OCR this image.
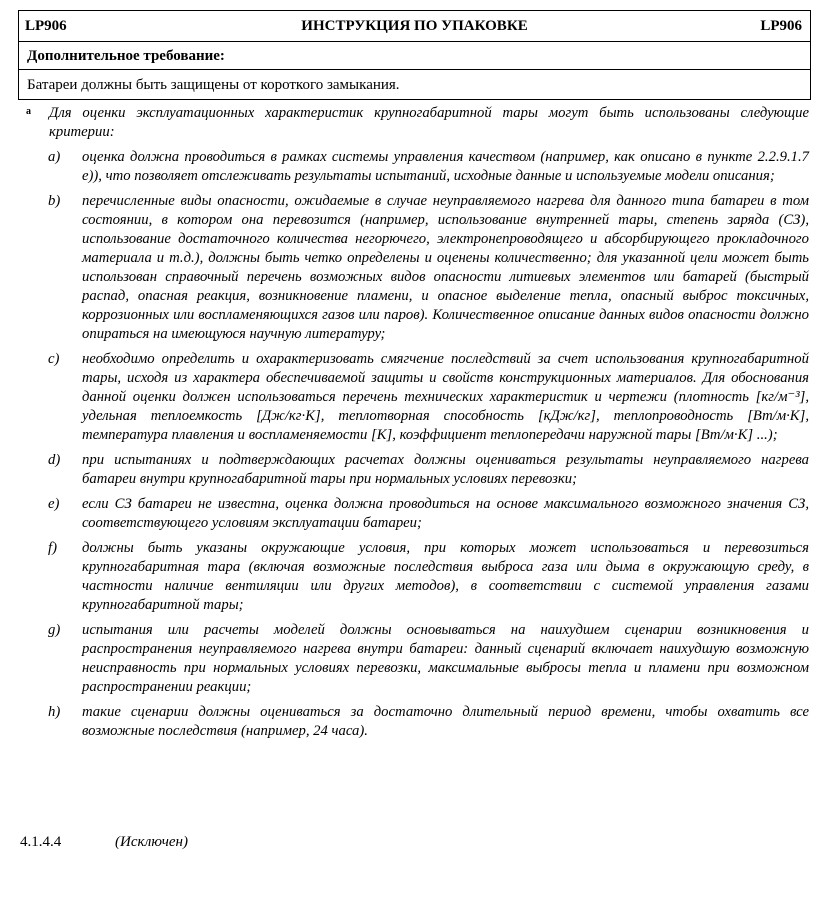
LP906	LP906
ИНСТРУКЦИЯ ПО УПАКОВКЕ
Дополнительное требование:
Батареи должны быть защищены от короткого замыкания.
a Для оценки эксплуатационных характеристик крупногабаритной тары могут быть использованы следующие критерии:
a) оценка должна проводиться в рамках системы управления качеством (например, как описано в пункте 2.2.9.1.7 е)), что позволяет отслеживать результаты испытаний, исходные данные и используемые модели описания;
b) перечисленные виды опасности, ожидаемые в случае неуправляемого нагрева для данного типа батареи в том состоянии, в котором она перевозится (например, использование внутренней тары, степень заряда (СЗ), использование достаточного количества негорючего, электронепроводящего и абсорбирующего прокладочного материала и т.д.), должны быть четко определены и оценены количественно; для указанной цели может быть использован справочный перечень возможных видов опасности литиевых элементов или батарей (быстрый распад, опасная реакция, возникновение пламени, и опасное выделение тепла, опасный выброс токсичных, коррозионных или воспламеняющихся газов или паров). Количественное описание данных видов опасности должно опираться на имеющуюся научную литературу;
c) необходимо определить и охарактеризовать смягчение последствий за счет использования крупногабаритной тары, исходя из характера обеспечиваемой защиты и свойств конструкционных материалов. Для обоснования данной оценки должен использоваться перечень технических характеристик и чертежи (плотность [кг/м⁻³], удельная теплоемкость [Дж/кг·K], теплотворная способность [кДж/кг], теплопроводность [Вт/м·K], температура плавления и воспламеняемости [K], коэффициент теплопередачи наружной тары [Вт/м·K] ...);
d) при испытаниях и подтверждающих расчетах должны оцениваться результаты неуправляемого нагрева батареи внутри крупногабаритной тары при нормальных условиях перевозки;
e) если СЗ батареи не известна, оценка должна проводиться на основе максимального возможного значения СЗ, соответствующего условиям эксплуатации батареи;
f) должны быть указаны окружающие условия, при которых может использоваться и перевозиться крупногабаритная тара (включая возможные последствия выброса газа или дыма в окружающую среду, в частности наличие вентиляции или других методов), в соответствии с системой управления газами крупногабаритной тары;
g) испытания или расчеты моделей должны основываться на наихудшем сценарии возникновения и распространения неуправляемого нагрева внутри батареи: данный сценарий включает наихудшую возможную неисправность при нормальных условиях перевозки, максимальные выбросы тепла и пламени при возможном распространении реакции;
h) такие сценарии должны оцениваться за достаточно длительный период времени, чтобы охватить все возможные последствия (например, 24 часа).
4.1.4.4	(Исключен)
